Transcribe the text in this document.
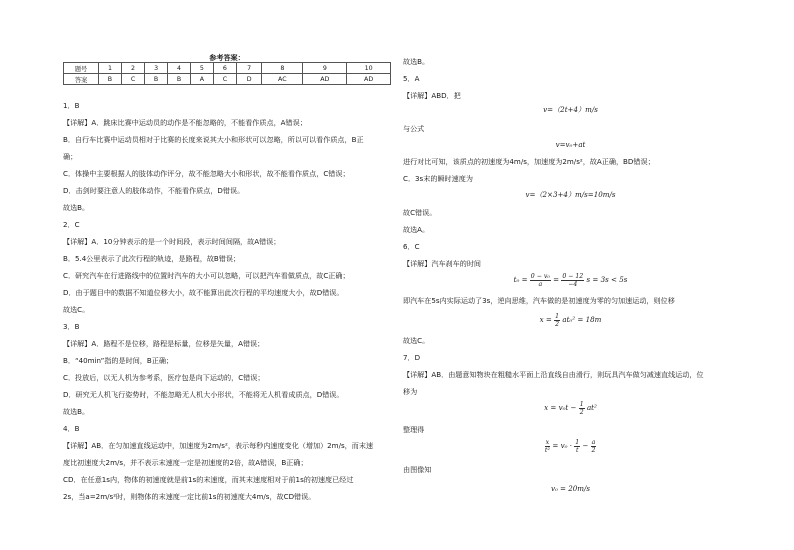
参考答案：
题号	1	2	3	4	5	6	7	8	9	10
答案	B	C	B	B	A	C	D	AC	AD	AD
1．B
【详解】A．跳床比赛中运动员的动作是不能忽略的，不能看作质点，A错误；
B．自行车比赛中运动员相对于比赛的长度来说其大小和形状可以忽略，所以可以看作质点，B正
确；
C．体操中主要根据人的肢体动作评分，故不能忽略大小和形状，故不能看作质点，C错误；
D．击剑时要注意人的肢体动作，不能看作质点，D错误。
故选B。
2．C
【详解】A．10分钟表示的是一个时间段，表示时间间隔，故A错误；
B．5.4公里表示了此次行程的轨迹，是路程，故B错误；
C．研究汽车在行进路线中的位置时汽车的大小可以忽略，可以把汽车看做质点，故C正确；
D．由于题目中的数据不知道位移大小，故不能算出此次行程的平均速度大小，故D错误。
故选C。
3．B
【详解】A．路程不是位移，路程是标量，位移是矢量，A错误；
B．“40min”指的是时间，B正确；
C．投放后，以无人机为参考系，医疗包是向下运动的，C错误；
D．研究无人机飞行姿势时，不能忽略无人机大小形状，不能将无人机看成质点，D错误。
故选B。
4．B
【详解】AB．在匀加速直线运动中，加速度为2m/s²，表示每秒内速度变化（增加）2m/s，而末速
度比初速度大2m/s，并不表示末速度一定是初速度的2倍，故A错误，B正确；
CD．在任意1s内，物体的初速度就是前1s的末速度，而其末速度相对于前1s的初速度已经过
2s，当a=2m/s²时，则物体的末速度一定比前1s的初速度大4m/s，故CD错误。
故选B。
5．A
【详解】ABD．把
v=（2t+4）m/s
与公式
v=v₀+at
进行对比可知，该质点的初速度为4m/s，加速度为2m/s²，故A正确，BD错误；
C．3s末的瞬时速度为
v=（2×3+4）m/s=10m/s
故C错误。
故选A。
6．C
【详解】汽车刹车的时间
$t_0 = \frac{\text{0 − v₀}}{a} = \frac{0 - 12}{-4}$ s = 3s < 5s
即汽车在5s内实际运动了3s，逆向思维，汽车做的是初速度为零的匀加速运动，则位移
$x = \frac{1}{2} at_0^2 = 18m$
故选C。
7．D
【详解】AB．由题意知物块在粗糙水平面上沿直线自由滑行，则玩具汽车做匀减速直线运动，位
移为
$x = v_0t - \frac{1}{2} at^2$
整理得
$\frac{x}{\text{t²}} = v_0 \cdot \frac{1}{t} - \frac{a}{2}$
由图像知
v₀ = 20m/s
